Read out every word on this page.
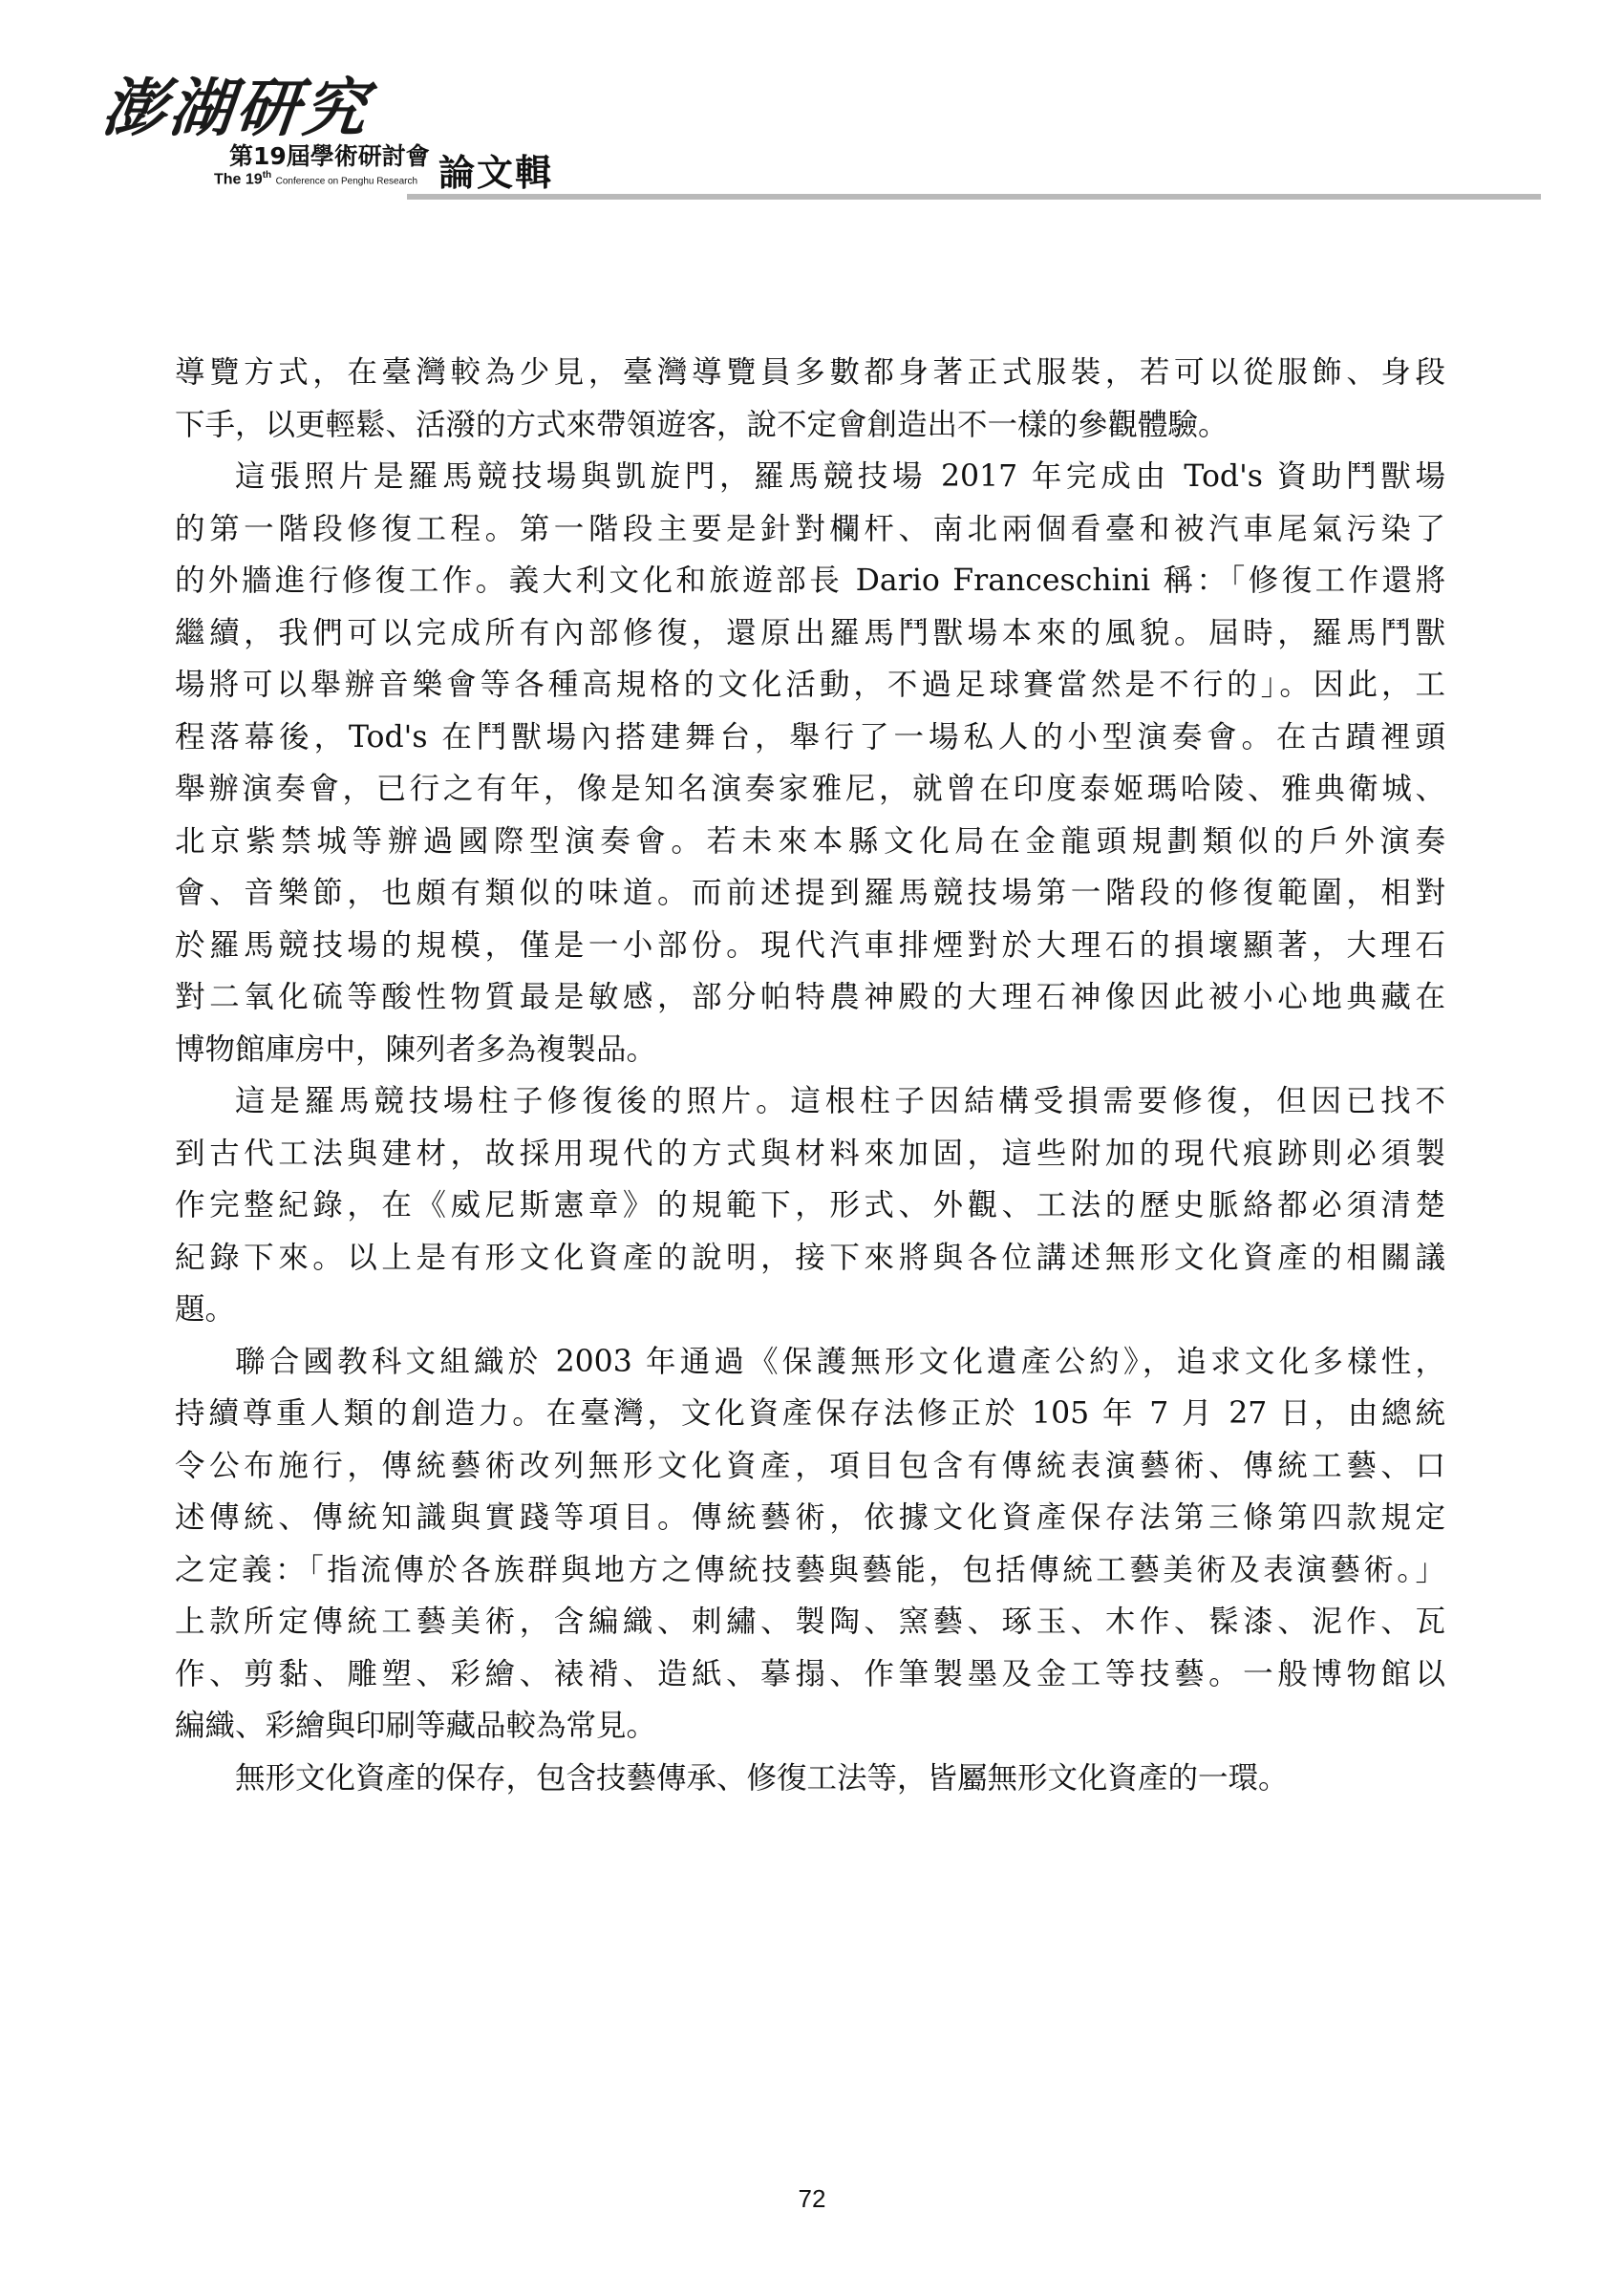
澎湖研究
第19屆學術研討會
The 19th Conference on Penghu Research 論文輯
導覽方式，在臺灣較為少見，臺灣導覽員多數都身著正式服裝，若可以從服飾、身段
下手，以更輕鬆、活潑的方式來帶領遊客，說不定會創造出不一樣的參觀體驗。
這張照片是羅馬競技場與凱旋門，羅馬競技場 2017 年完成由 Tod's 資助鬥獸場
的第一階段修復工程。第一階段主要是針對欄杆、南北兩個看臺和被汽車尾氣污染了
的外牆進行修復工作。義大利文化和旅遊部長 Dario Franceschini 稱：「修復工作還將
繼續，我們可以完成所有內部修復，還原出羅馬鬥獸場本來的風貌。屆時，羅馬鬥獸
場將可以舉辦音樂會等各種高規格的文化活動，不過足球賽當然是不行的」。因此，工
程落幕後，Tod's 在鬥獸場內搭建舞台，舉行了一場私人的小型演奏會。在古蹟裡頭
舉辦演奏會，已行之有年，像是知名演奏家雅尼，就曾在印度泰姬瑪哈陵、雅典衛城、
北京紫禁城等辦過國際型演奏會。若未來本縣文化局在金龍頭規劃類似的戶外演奏
會、音樂節，也頗有類似的味道。而前述提到羅馬競技場第一階段的修復範圍，相對
於羅馬競技場的規模，僅是一小部份。現代汽車排煙對於大理石的損壞顯著，大理石
對二氧化硫等酸性物質最是敏感，部分帕特農神殿的大理石神像因此被小心地典藏在
博物館庫房中，陳列者多為複製品。
這是羅馬競技場柱子修復後的照片。這根柱子因結構受損需要修復，但因已找不
到古代工法與建材，故採用現代的方式與材料來加固，這些附加的現代痕跡則必須製
作完整紀錄，在《威尼斯憲章》的規範下，形式、外觀、工法的歷史脈絡都必須清楚
紀錄下來。以上是有形文化資產的說明，接下來將與各位講述無形文化資產的相關議
題。
聯合國教科文組織於 2003 年通過《保護無形文化遺產公約》，追求文化多樣性，
持續尊重人類的創造力。在臺灣，文化資產保存法修正於 105 年 7 月 27 日，由總統
令公布施行，傳統藝術改列無形文化資產，項目包含有傳統表演藝術、傳統工藝、口
述傳統、傳統知識與實踐等項目。傳統藝術，依據文化資產保存法第三條第四款規定
之定義：「指流傳於各族群與地方之傳統技藝與藝能，包括傳統工藝美術及表演藝術。」
上款所定傳統工藝美術，含編織、刺繡、製陶、窯藝、琢玉、木作、髹漆、泥作、瓦
作、剪黏、雕塑、彩繪、裱褙、造紙、摹搨、作筆製墨及金工等技藝。一般博物館以
編織、彩繪與印刷等藏品較為常見。
無形文化資產的保存，包含技藝傳承、修復工法等，皆屬無形文化資產的一環。
72
